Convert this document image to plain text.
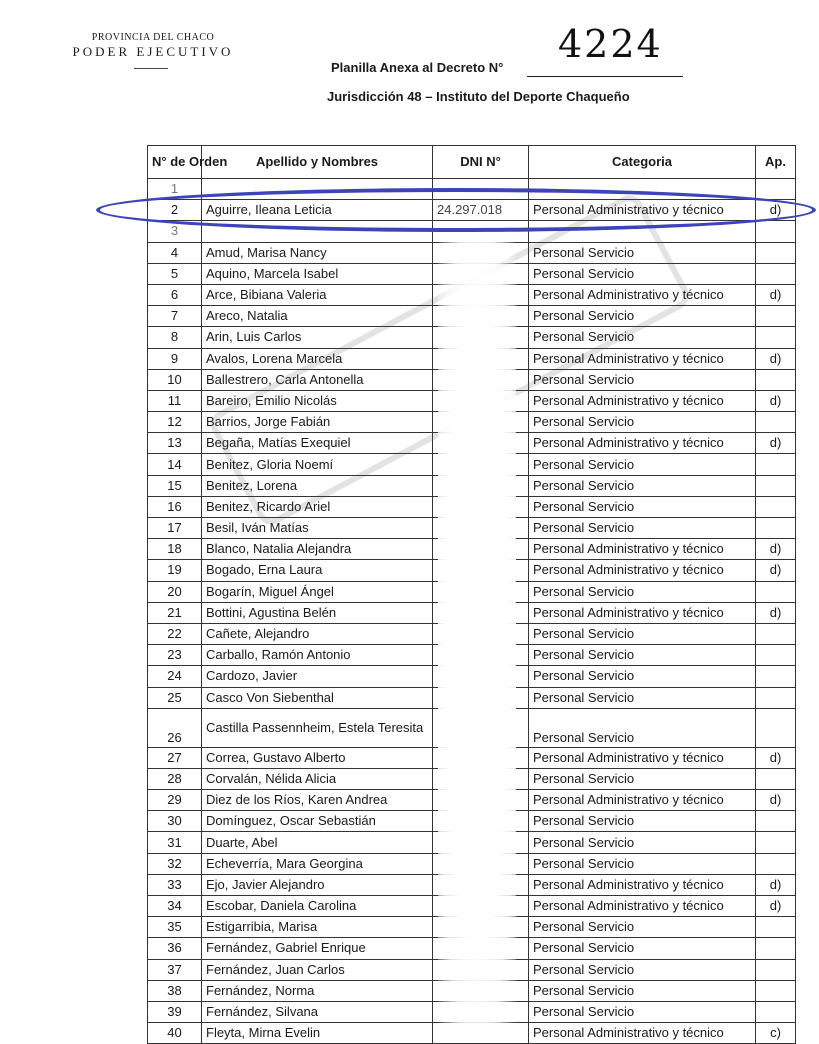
PROVINCIA DEL CHACO
PODER EJECUTIVO	4224
Planilla Anexa al Decreto N°
Jurisdicción 48 – Instituto del Deporte Chaqueño
N° de Orden	Apellido y Nombres	DNI N°	Categoria	Ap.
1				
2	Aguirre, Ileana Leticia	24.297.018	Personal Administrativo y técnico	d)
3				
4	Amud, Marisa Nancy		Personal Servicio	
5	Aquino, Marcela Isabel		Personal Servicio	
6	Arce, Bibiana Valeria		Personal Administrativo y técnico	d)
7	Areco, Natalia		Personal Servicio	
8	Arin, Luis Carlos		Personal Servicio	
9	Avalos, Lorena Marcela		Personal Administrativo y técnico	d)
10	Ballestrero, Carla Antonella		Personal Servicio	
11	Bareiro, Emilio Nicolás		Personal Administrativo y técnico	d)
12	Barrios, Jorge Fabián		Personal Servicio	
13	Begaña, Matías Exequiel		Personal Administrativo y técnico	d)
14	Benitez, Gloria Noemí		Personal Servicio	
15	Benitez, Lorena		Personal Servicio	
16	Benitez, Ricardo Ariel		Personal Servicio	
17	Besil, Iván Matías		Personal Servicio	
18	Blanco, Natalia Alejandra		Personal Administrativo y técnico	d)
19	Bogado, Erna Laura		Personal Administrativo y técnico	d)
20	Bogarín, Miguel Ángel		Personal Servicio	
21	Bottini, Agustina Belén		Personal Administrativo y técnico	d)
22	Cañete, Alejandro		Personal Servicio	
23	Carballo, Ramón Antonio		Personal Servicio	
24	Cardozo, Javier		Personal Servicio	
25	Casco Von Siebenthal		Personal Servicio	
26	Castilla Passennheim, Estela Teresita		Personal Servicio	
27	Correa, Gustavo Alberto		Personal Administrativo y técnico	d)
28	Corvalán, Nélida Alicia		Personal Servicio	
29	Diez de los Ríos, Karen Andrea		Personal Administrativo y técnico	d)
30	Domínguez, Oscar Sebastián		Personal Servicio	
31	Duarte, Abel		Personal Servicio	
32	Echeverría, Mara Georgina		Personal Servicio	
33	Ejo, Javier Alejandro		Personal Administrativo y técnico	d)
34	Escobar, Daniela Carolina		Personal Administrativo y técnico	d)
35	Estigarribia, Marisa		Personal Servicio	
36	Fernández, Gabriel Enrique		Personal Servicio	
37	Fernández, Juan Carlos		Personal Servicio	
38	Fernández, Norma		Personal Servicio	
39	Fernández, Silvana		Personal Servicio	
40	Fleyta, Mirna Evelin		Personal Administrativo y técnico	c)
